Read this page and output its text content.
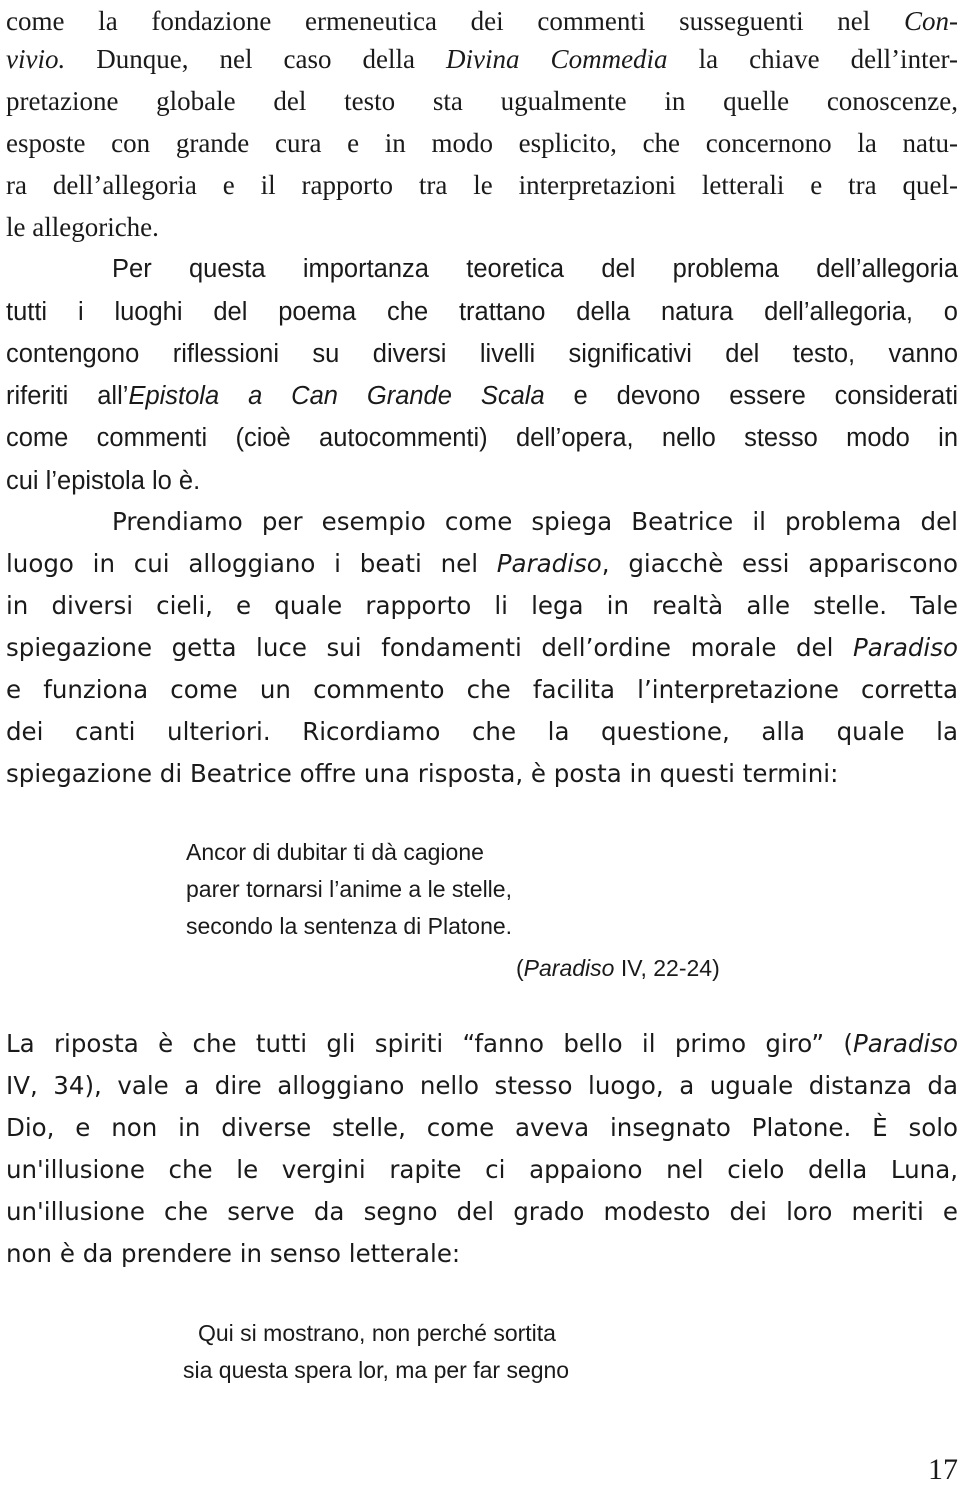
come la fondazione ermeneutica dei commenti susseguenti nel Con-
vivio. Dunque, nel caso della Divina Commedia la chiave dell’inter-
pretazione globale del testo sta ugualmente in quelle conoscenze,
esposte con grande cura e in modo esplicito, che concernono la natu-
ra dell’allegoria e il rapporto tra le interpretazioni letterali e tra quel-
le allegoriche.
Per questa importanza teoretica del problema dell’allegoria
tutti i luoghi del poema che trattano della natura dell’allegoria, o
contengono riflessioni su diversi livelli significativi del testo, vanno
riferiti all’Epistola a Can Grande Scala e devono essere considerati
come commenti (cioè autocommenti) dell’opera, nello stesso modo in
cui l’epistola lo è.
Prendiamo per esempio come spiega Beatrice il problema del
luogo in cui alloggiano i beati nel Paradiso, giacchè essi appariscono
in diversi cieli, e quale rapporto li lega in realtà alle stelle. Tale
spiegazione getta luce sui fondamenti dell’ordine morale del Paradiso
e funziona come un commento che facilita l’interpretazione corretta
dei canti ulteriori. Ricordiamo che la questione, alla quale la
spiegazione di Beatrice offre una risposta, è posta in questi termini:
Ancor di dubitar ti dà cagione
parer tornarsi l’anime a le stelle,
secondo la sentenza di Platone.
(Paradiso IV, 22-24)
La riposta è che tutti gli spiriti “fanno bello il primo giro” (Paradiso
IV, 34), vale a dire alloggiano nello stesso luogo, a uguale distanza da
Dio, e non in diverse stelle, come aveva insegnato Platone. È solo
un'illusione che le vergini rapite ci appaiono nel cielo della Luna,
un'illusione che serve da segno del grado modesto dei loro meriti e
non è da prendere in senso letterale:
Qui si mostrano, non perché sortita
sia questa spera lor, ma per far segno
17
